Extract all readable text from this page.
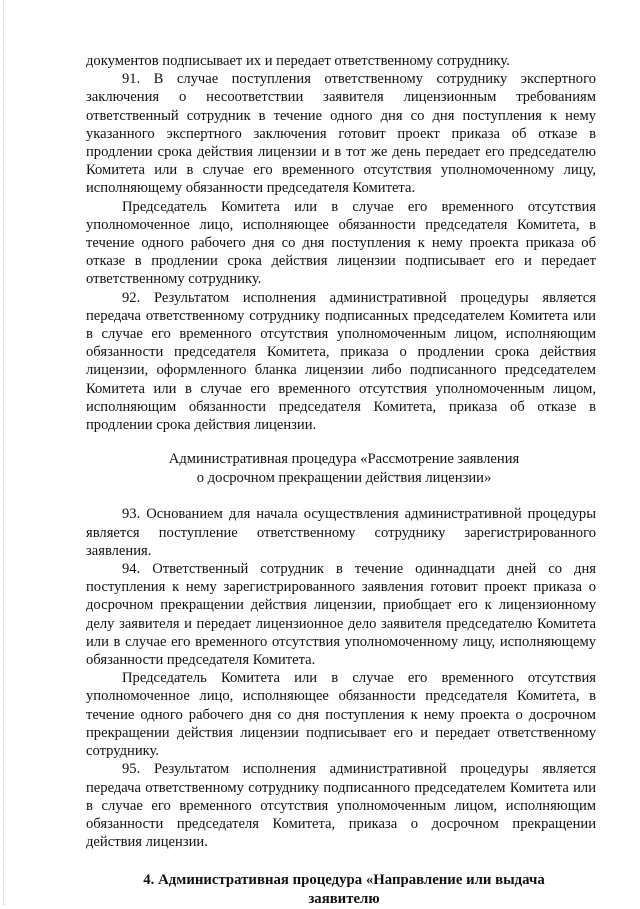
документов подписывает их и передает ответственному сотруднику.

91. В случае поступления ответственному сотруднику экспертного заключения о несоответствии заявителя лицензионным требованиям ответственный сотрудник в течение одного дня со дня поступления к нему указанного экспертного заключения готовит проект приказа об отказе в продлении срока действия лицензии и в тот же день передает его председателю Комитета или в случае его временного отсутствия уполномоченному лицу, исполняющему обязанности председателя Комитета.

Председатель Комитета или в случае его временного отсутствия уполномоченное лицо, исполняющее обязанности председателя Комитета, в течение одного рабочего дня со дня поступления к нему проекта приказа об отказе в продлении срока действия лицензии подписывает его и передает ответственному сотруднику.

92. Результатом исполнения административной процедуры является передача ответственному сотруднику подписанных председателем Комитета или в случае его временного отсутствия уполномоченным лицом, исполняющим обязанности председателя Комитета, приказа о продлении срока действия лицензии, оформленного бланка лицензии либо подписанного председателем Комитета или в случае его временного отсутствия уполномоченным лицом, исполняющим обязанности председателя Комитета, приказа об отказе в продлении срока действия лицензии.

Административная процедура «Рассмотрение заявления
о досрочном прекращении действия лицензии»

93. Основанием для начала осуществления административной процедуры является поступление ответственному сотруднику зарегистрированного заявления.

94. Ответственный сотрудник в течение одиннадцати дней со дня поступления к нему зарегистрированного заявления готовит проект приказа о досрочном прекращении действия лицензии, приобщает его к лицензионному делу заявителя и передает лицензионное дело заявителя председателю Комитета или в случае его временного отсутствия уполномоченному лицу, исполняющему обязанности председателя Комитета.

Председатель Комитета или в случае его временного отсутствия уполномоченное лицо, исполняющее обязанности председателя Комитета, в течение одного рабочего дня со дня поступления к нему проекта о досрочном прекращении действия лицензии подписывает его и передает ответственному сотруднику.

95. Результатом исполнения административной процедуры является передача ответственному сотруднику подписанного председателем Комитета или в случае его временного отсутствия уполномоченным лицом, исполняющим обязанности председателя Комитета, приказа о досрочном прекращении действия лицензии.

4. Административная процедура «Направление или выдача
заявителю
